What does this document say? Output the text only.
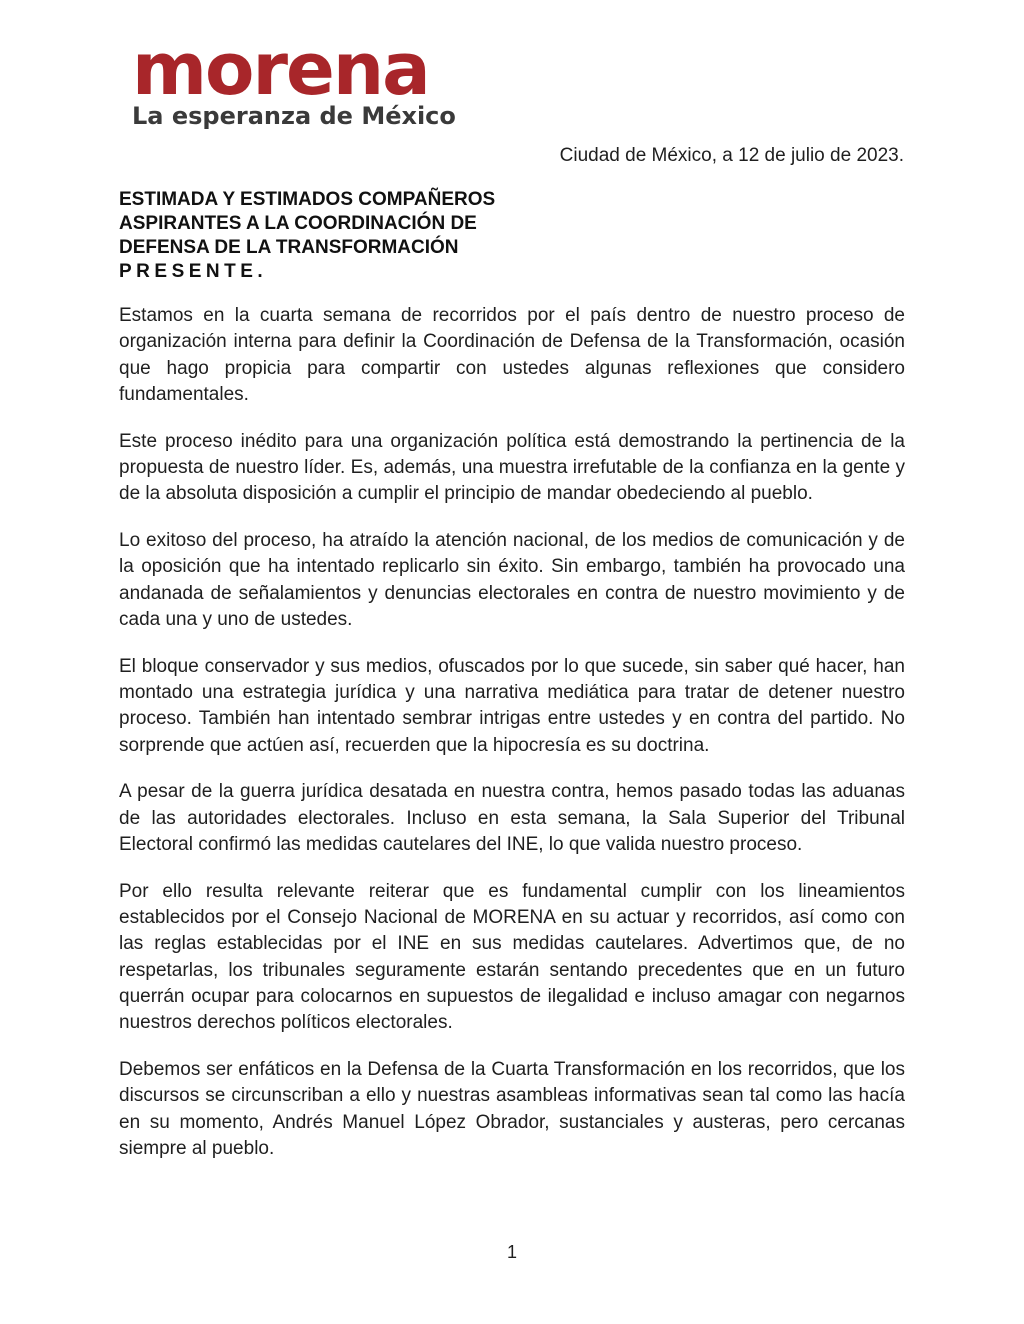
morena
La esperanza de México
Ciudad de México, a 12 de julio de 2023.
ESTIMADA Y ESTIMADOS COMPAÑEROS
ASPIRANTES A LA COORDINACIÓN DE
DEFENSA DE LA TRANSFORMACIÓN
PRESENTE.

Estamos en la cuarta semana de recorridos por el país dentro de nuestro proceso de organización interna para definir la Coordinación de Defensa de la Transformación, ocasión que hago propicia para compartir con ustedes algunas reflexiones que considero fundamentales.

Este proceso inédito para una organización política está demostrando la pertinencia de la propuesta de nuestro líder. Es, además, una muestra irrefutable de la confianza en la gente y de la absoluta disposición a cumplir el principio de mandar obedeciendo al pueblo.

Lo exitoso del proceso, ha atraído la atención nacional, de los medios de comunicación y de la oposición que ha intentado replicarlo sin éxito. Sin embargo, también ha provocado una andanada de señalamientos y denuncias electorales en contra de nuestro movimiento y de cada una y uno de ustedes.

El bloque conservador y sus medios, ofuscados por lo que sucede, sin saber qué hacer, han montado una estrategia jurídica y una narrativa mediática para tratar de detener nuestro proceso. También han intentado sembrar intrigas entre ustedes y en contra del partido. No sorprende que actúen así, recuerden que la hipocresía es su doctrina.

A pesar de la guerra jurídica desatada en nuestra contra, hemos pasado todas las aduanas de las autoridades electorales. Incluso en esta semana, la Sala Superior del Tribunal Electoral confirmó las medidas cautelares del INE, lo que valida nuestro proceso.

Por ello resulta relevante reiterar que es fundamental cumplir con los lineamientos establecidos por el Consejo Nacional de MORENA en su actuar y recorridos, así como con las reglas establecidas por el INE en sus medidas cautelares. Advertimos que, de no respetarlas, los tribunales seguramente estarán sentando precedentes que en un futuro querrán ocupar para colocarnos en supuestos de ilegalidad e incluso amagar con negarnos nuestros derechos políticos electorales.

Debemos ser enfáticos en la Defensa de la Cuarta Transformación en los recorridos, que los discursos se circunscriban a ello y nuestras asambleas informativas sean tal como las hacía en su momento, Andrés Manuel López Obrador, sustanciales y austeras, pero cercanas siempre al pueblo.

1
